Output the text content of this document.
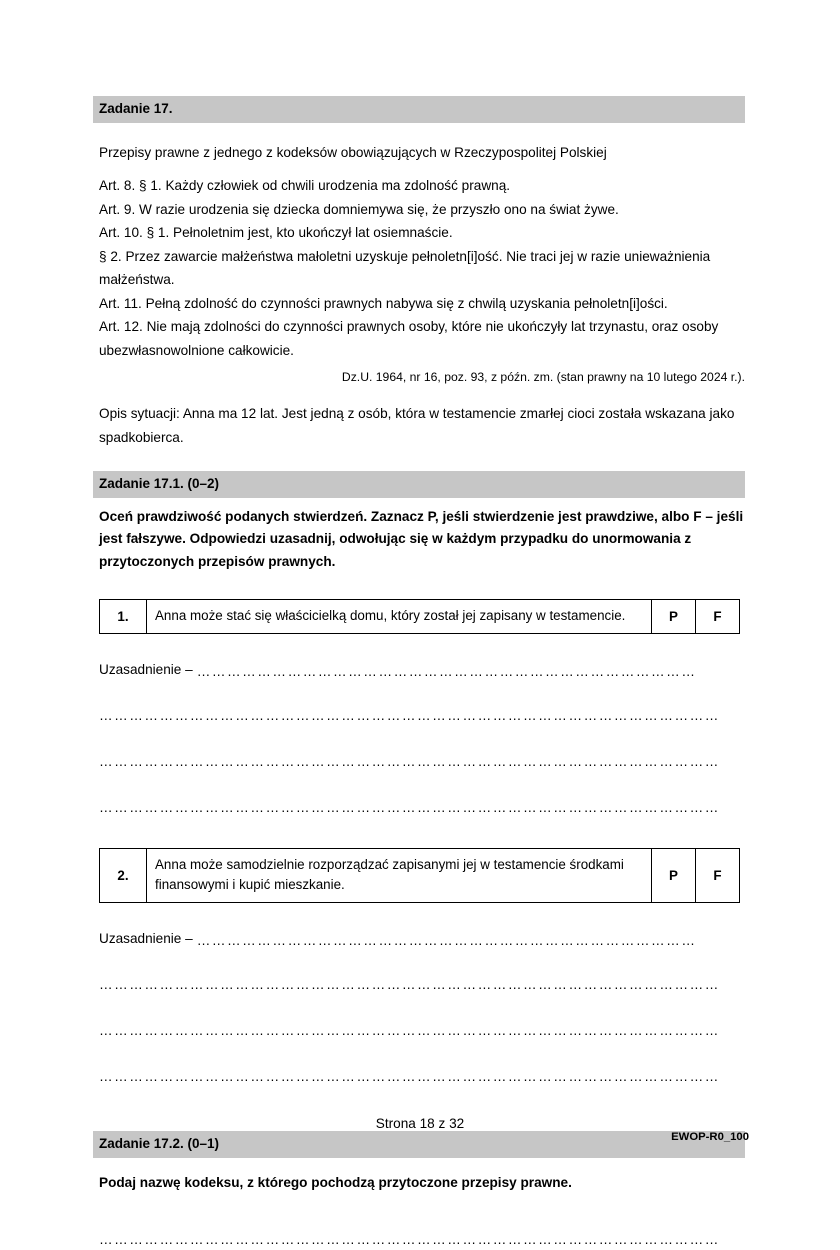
Zadanie 17.

Przepisy prawne z jednego z kodeksów obowiązujących w Rzeczypospolitej Polskiej

Art. 8. § 1. Każdy człowiek od chwili urodzenia ma zdolność prawną.

Art. 9. W razie urodzenia się dziecka domniemywa się, że przyszło ono na świat żywe.

Art. 10. § 1. Pełnoletnim jest, kto ukończył lat osiemnaście.

§ 2. Przez zawarcie małżeństwa małoletni uzyskuje pełnoletn[i]ość. Nie traci jej w razie unieważnienia małżeństwa.

Art. 11. Pełną zdolność do czynności prawnych nabywa się z chwilą uzyskania pełnoletn[i]ości.

Art. 12. Nie mają zdolności do czynności prawnych osoby, które nie ukończyły lat trzynastu, oraz osoby ubezwłasnowolnione całkowicie.

Dz.U. 1964, nr 16, poz. 93, z późn. zm. (stan prawny na 10 lutego 2024 r.).

Opis sytuacji: Anna ma 12 lat. Jest jedną z osób, która w testamencie zmarłej cioci została wskazana jako spadkobierca.

Zadanie 17.1. (0–2)

Oceń prawdziwość podanych stwierdzeń. Zaznacz P, jeśli stwierdzenie jest prawdziwe, albo F – jeśli jest fałszywe. Odpowiedzi uzasadnij, odwołując się w każdym przypadku do unormowania z przytoczonych przepisów prawnych.

1.	Anna może stać się właścicielką domu, który został jej zapisany w testamencie.	P	F
Uzasadnienie – ………………………………………………………………………………………
……………………………………………………………………………………………………………
……………………………………………………………………………………………………………
……………………………………………………………………………………………………………
2.	Anna może samodzielnie rozporządzać zapisanymi jej w testamencie środkami finansowymi i kupić mieszkanie.	P	F
Uzasadnienie – ………………………………………………………………………………………
……………………………………………………………………………………………………………
……………………………………………………………………………………………………………
……………………………………………………………………………………………………………
Zadanie 17.2. (0–1)

Podaj nazwę kodeksu, z którego pochodzą przytoczone przepisy prawne.

……………………………………………………………………………………………………………
Strona 18 z 32
EWOP-R0_100
